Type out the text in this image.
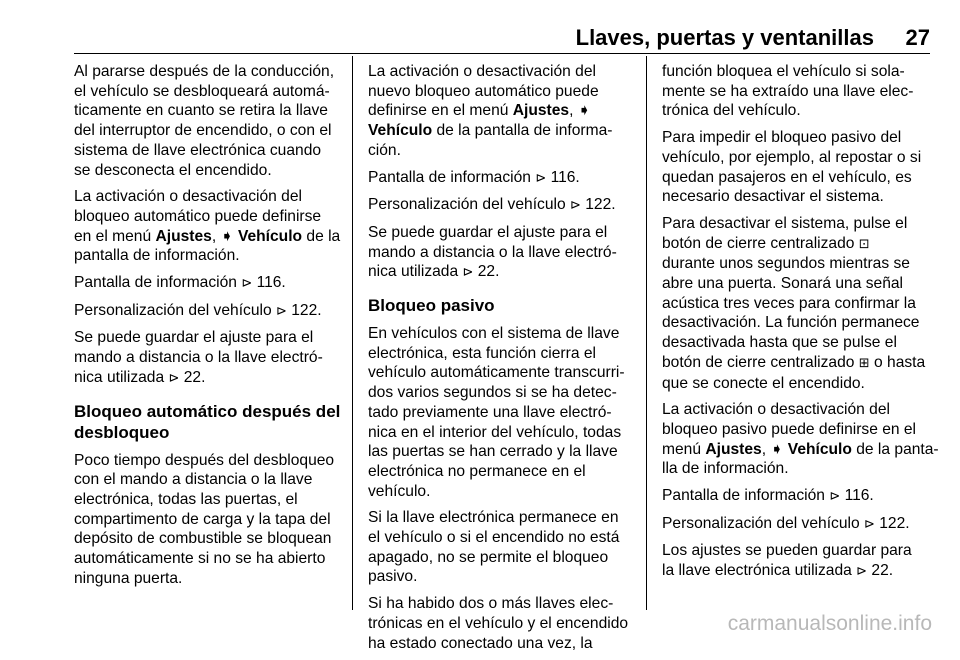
Llaves, puertas y ventanillas 27

Al pararse después de la conducción,
el vehículo se desbloqueará automá‐
ticamente en cuanto se retira la llave
del interruptor de encendido, o con el
sistema de llave electrónica cuando
se desconecta el encendido.

La activación o desactivación del
bloqueo automático puede definirse
en el menú Ajustes, ➧ Vehículo de la
pantalla de información.

Pantalla de información ⊳ 116.

Personalización del vehículo ⊳ 122.

Se puede guardar el ajuste para el
mando a distancia o la llave electró‐
nica utilizada ⊳ 22.

Bloqueo automático después del
desbloqueo

Poco tiempo después del desbloqueo
con el mando a distancia o la llave
electrónica, todas las puertas, el
compartimento de carga y la tapa del
depósito de combustible se bloquean
automáticamente si no se ha abierto
ninguna puerta.

La activación o desactivación del
nuevo bloqueo automático puede
definirse en el menú Ajustes, ➧
Vehículo de la pantalla de informa‐
ción.

Pantalla de información ⊳ 116.

Personalización del vehículo ⊳ 122.

Se puede guardar el ajuste para el
mando a distancia o la llave electró‐
nica utilizada ⊳ 22.

Bloqueo pasivo

En vehículos con el sistema de llave
electrónica, esta función cierra el
vehículo automáticamente transcurri‐
dos varios segundos si se ha detec‐
tado previamente una llave electró‐
nica en el interior del vehículo, todas
las puertas se han cerrado y la llave
electrónica no permanece en el
vehículo.

Si la llave electrónica permanece en
el vehículo o si el encendido no está
apagado, no se permite el bloqueo
pasivo.

Si ha habido dos o más llaves elec‐
trónicas en el vehículo y el encendido
ha estado conectado una vez, la

función bloquea el vehículo si sola‐
mente se ha extraído una llave elec‐
trónica del vehículo.

Para impedir el bloqueo pasivo del
vehículo, por ejemplo, al repostar o si
quedan pasajeros en el vehículo, es
necesario desactivar el sistema.

Para desactivar el sistema, pulse el
botón de cierre centralizado ⊡
durante unos segundos mientras se
abre una puerta. Sonará una señal
acústica tres veces para confirmar la
desactivación. La función permanece
desactivada hasta que se pulse el
botón de cierre centralizado ⊞ o hasta
que se conecte el encendido.

La activación o desactivación del
bloqueo pasivo puede definirse en el
menú Ajustes, ➧ Vehículo de la panta‐
lla de información.

Pantalla de información ⊳ 116.

Personalización del vehículo ⊳ 122.

Los ajustes se pueden guardar para
la llave electrónica utilizada ⊳ 22.

carmanualsonline.info
